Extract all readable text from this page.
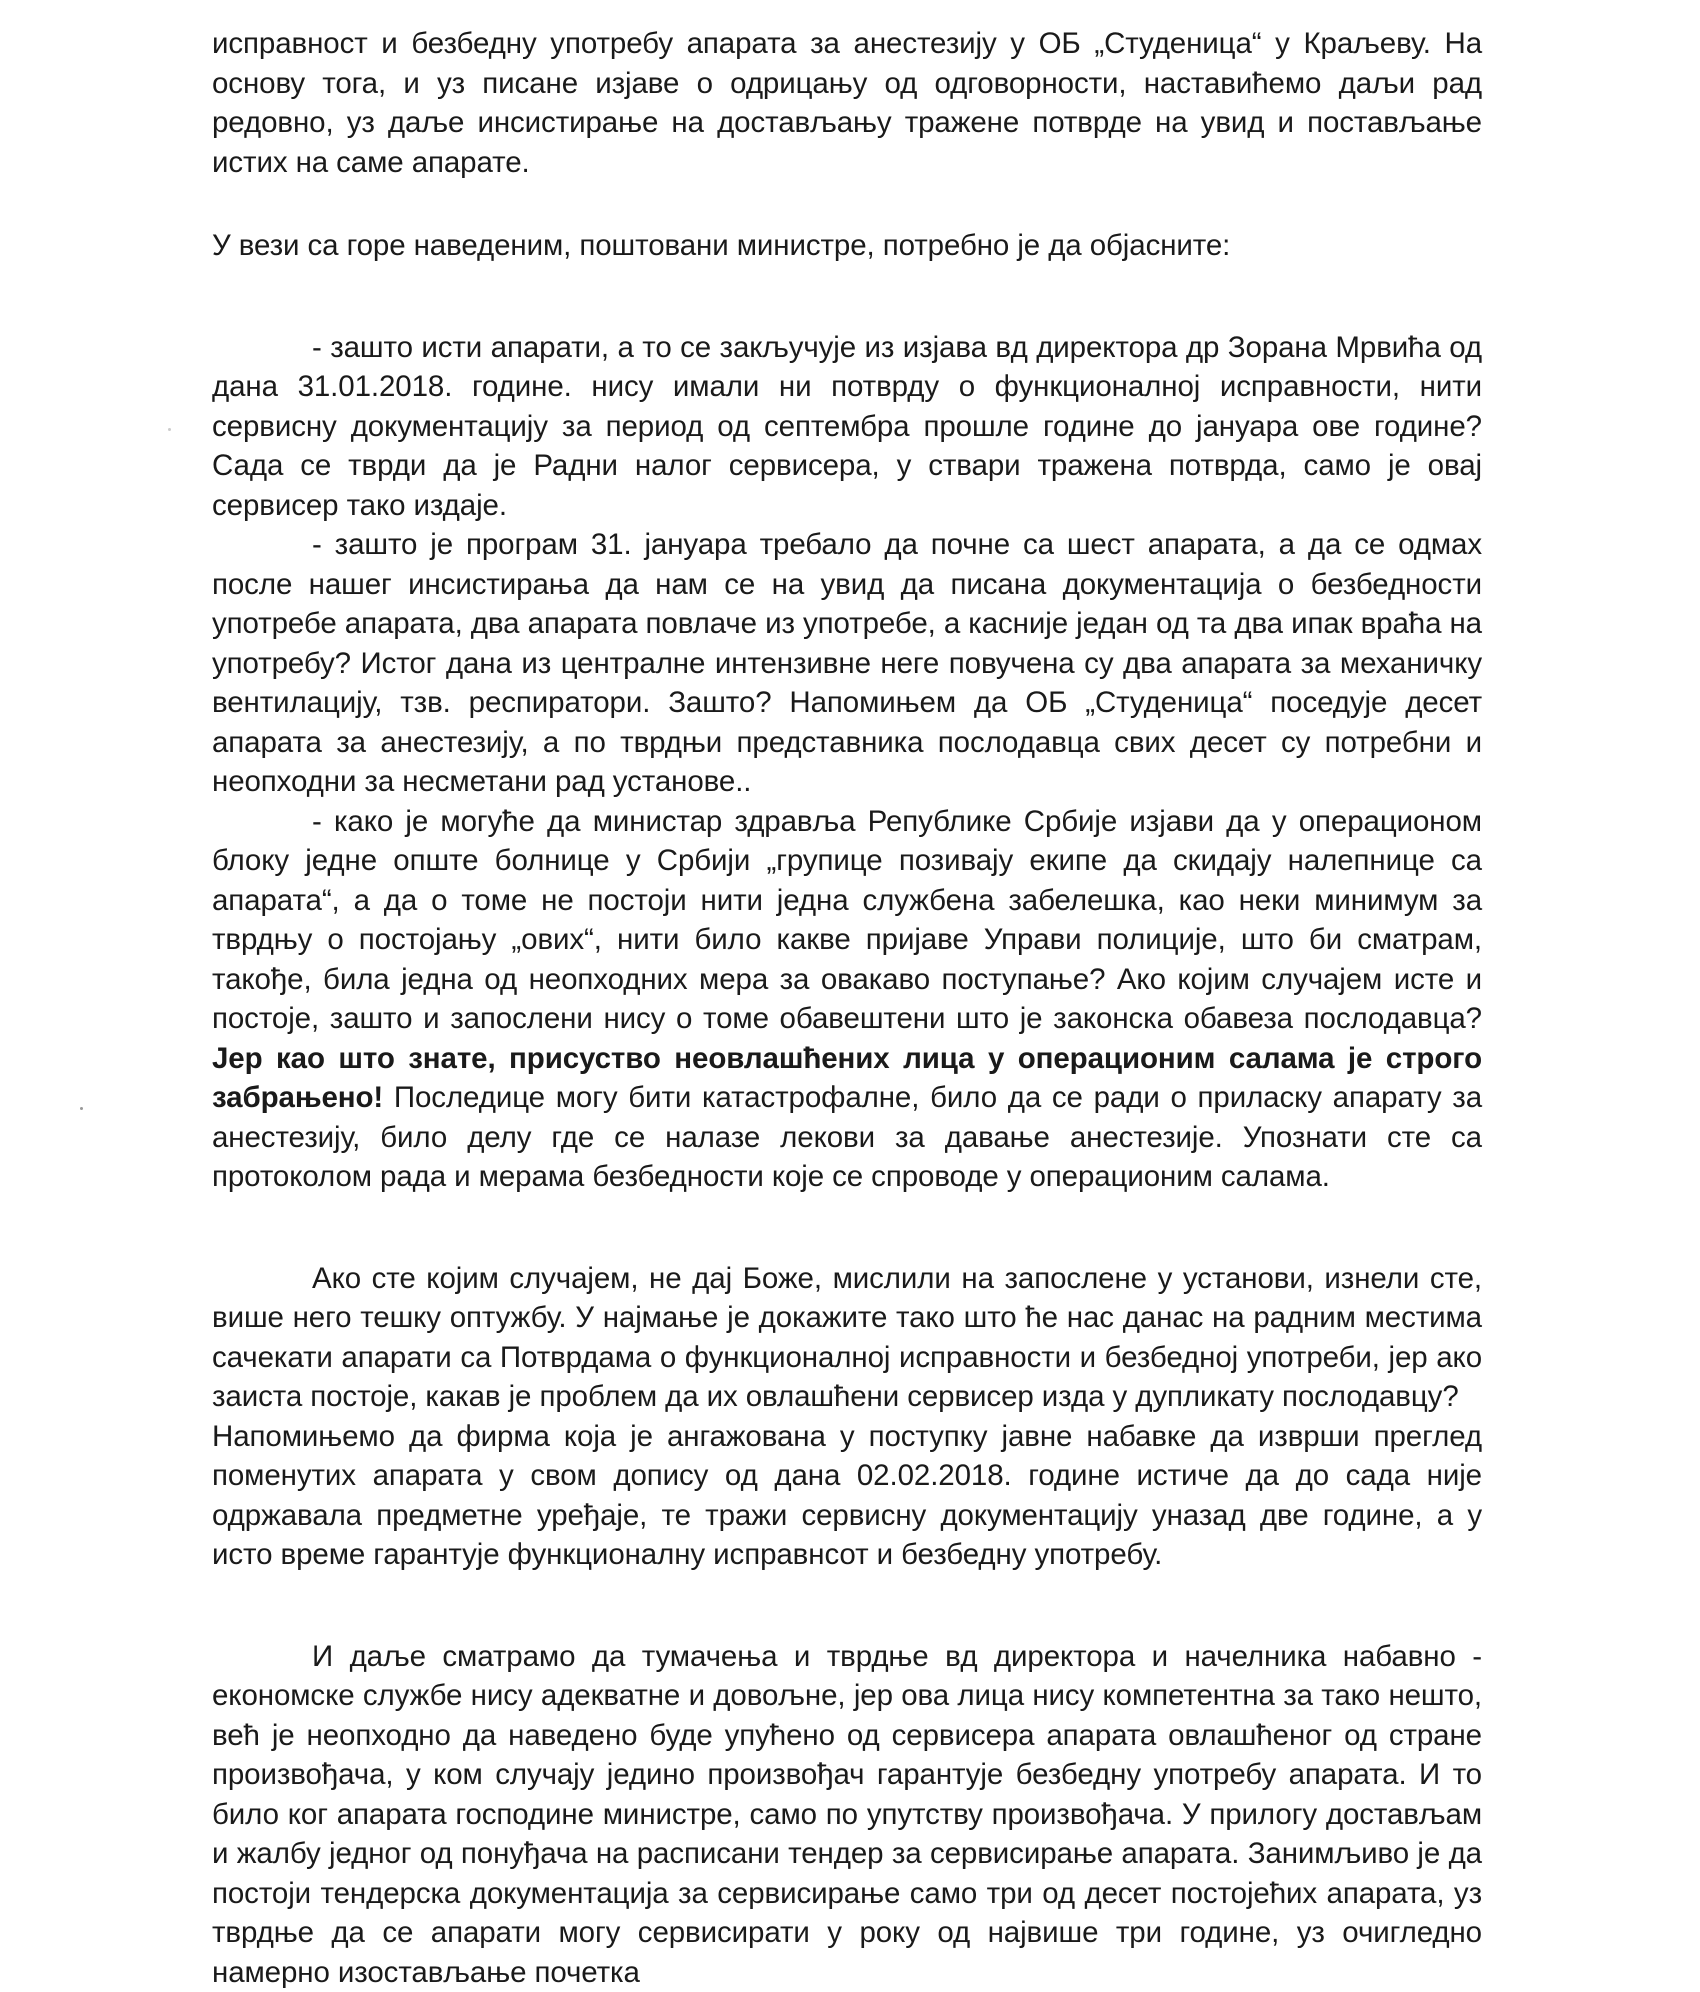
исправност и безбедну употребу апарата за анестезију у ОБ „Студеница“ у Краљеву. На основу тога, и уз писане изјаве о одрицању од одговорности, наставићемо даљи рад редовно, уз даље инсистирање на достављању тражене потврде на увид и постављање истих на саме апарате.

У вези са горе наведеним, поштовани министре, потребно је да објасните:

- зашто исти апарати, а то се закључује из изјава вд директора др Зорана Мрвића од дана 31.01.2018. године. нису имали ни потврду о функционалној исправности, нити сервисну документацију за период од септембра прошле године до јануара ове године? Сада се тврди да је Радни налог сервисера, у ствари тражена потврда, само је овај сервисер тако издаје.

- зашто је програм 31. јануара требало да почне са шест апарата, а да се одмах после нашег инсистирања да нам се на увид да писана документација о безбедности употребе апарата, два апарата повлаче из употребе, а касније један од та два ипак враћа на употребу? Истог дана из централне интензивне неге повучена су два апарата за механичку вентилацију, тзв. респиратори. Зашто? Напомињем да ОБ „Студеница“ поседује десет апарата за анестезију, а по тврдњи представника послодавца свих десет су потребни и неопходни за несметани рад установе..

- како је могуће да министар здравља Републике Србије изјави да у операционом блоку једне опште болнице у Србији „групице позивају екипе да скидају налепнице са апарата“, а да о томе не постоји нити једна службена забелешка, као неки минимум за тврдњу о постојању „ових“, нити било какве пријаве Управи полиције, што би сматрам, такође, била једна од неопходних мера за овакаво поступање? Ако којим случајем исте и постоје, зашто и запослени нису о томе обавештени што је законска обавеза послодавца? Јер као што знате, присуство неовлашћених лица у операционим салама је строго забрањено! Последице могу бити катастрофалне, било да се ради о приласку апарату за анестезију, било делу где се налазе лекови за давање анестезије. Упознати сте са протоколом рада и мерама безбедности које се спроводе у операционим салама.

Ако сте којим случајем, не дај Боже, мислили на запослене у установи, изнели сте, више него тешку оптужбу. У најмање је докажите тако што ће нас данас на радним местима сачекати апарати са Потврдама о функционалној исправности и безбедној употреби, јер ако заиста постоје, какав је проблем да их овлашћени сервисер изда у дупликату послодавцу?

Напомињемо да фирма која је ангажована у поступку јавне набавке да изврши преглед поменутих апарата у свом допису од дана 02.02.2018. године истиче да до сада није одржавала предметне уређаје, те тражи сервисну документацију уназад две године, а у исто време гарантује функционалну исправнсот и безбедну употребу.

И даље сматрамо да тумачења и тврдње вд директора и начелника набавно - економске службе нису адекватне и довољне, јер ова лица нису компетентна за тако нешто, већ је неопходно да наведено буде упућено од сервисера апарата овлашћеног од стране произвођача, у ком случају једино произвођач гарантује безбедну употребу апарата. И то било ког апарата господине министре, само по упутству произвођача. У прилогу достављам и жалбу једног од понуђача на расписани тендер за сервисирање апарата. Занимљиво је да постоји тендерска документација за сервисирање само три од десет постојећих апарата, уз тврдње да се апарати могу сервисирати у року од највише три године, уз очигледно намерно изостављање почетка
